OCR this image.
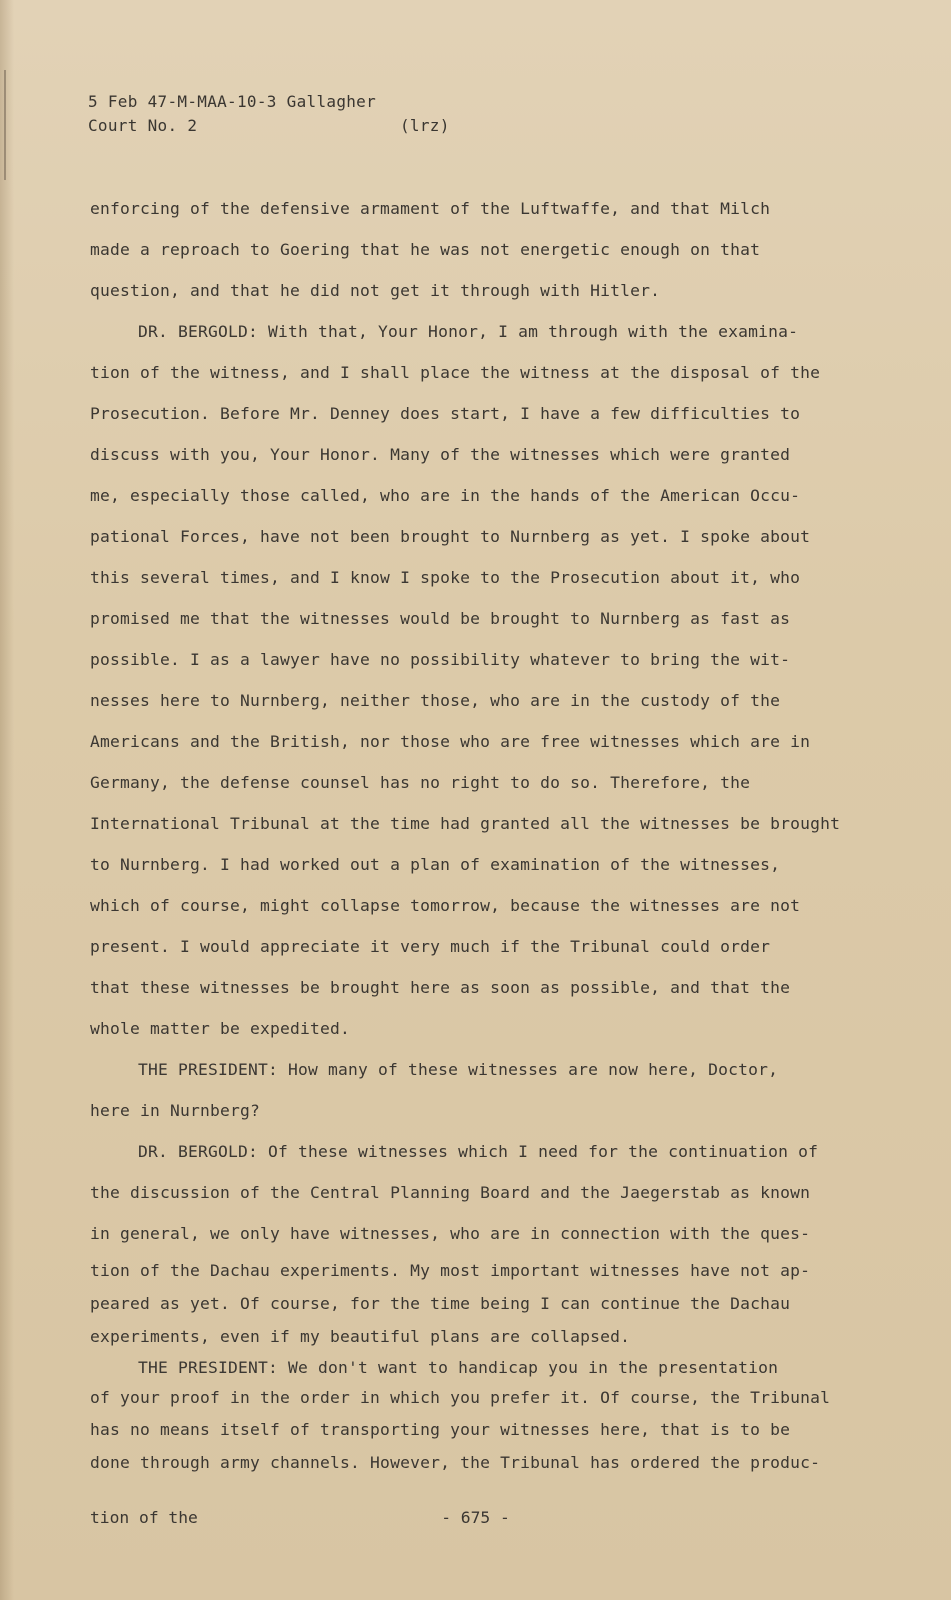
5 Feb 47-M-MAA-10-3 Gallagher
Court No. 2	(lrz)
enforcing of the defensive armament of the Luftwaffe, and that Milch
made a reproach to Goering that he was not energetic enough on that
question, and that he did not get it through with Hitler.
DR. BERGOLD: With that, Your Honor, I am through with the examina-
tion of the witness, and I shall place the witness at the disposal of the
Prosecution. Before Mr. Denney does start, I have a few difficulties to
discuss with you, Your Honor. Many of the witnesses which were granted
me, especially those called, who are in the hands of the American Occu-
pational Forces, have not been brought to Nurnberg as yet. I spoke about
this several times, and I know I spoke to the Prosecution about it, who
promised me that the witnesses would be brought to Nurnberg as fast as
possible. I as a lawyer have no possibility whatever to bring the wit-
nesses here to Nurnberg, neither those, who are in the custody of the
Americans and the British, nor those who are free witnesses which are in
Germany, the defense counsel has no right to do so. Therefore, the
International Tribunal at the time had granted all the witnesses be brought
to Nurnberg. I had worked out a plan of examination of the witnesses,
which of course, might collapse tomorrow, because the witnesses are not
present. I would appreciate it very much if the Tribunal could order
that these witnesses be brought here as soon as possible, and that the
whole matter be expedited.
THE PRESIDENT: How many of these witnesses are now here, Doctor,
here in Nurnberg?
DR. BERGOLD: Of these witnesses which I need for the continuation of
the discussion of the Central Planning Board and the Jaegerstab as known
in general, we only have witnesses, who are in connection with the ques-
tion of the Dachau experiments. My most important witnesses have not ap-
peared as yet. Of course, for the time being I can continue the Dachau
experiments, even if my beautiful plans are collapsed.
THE PRESIDENT: We don't want to handicap you in the presentation
of your proof in the order in which you prefer it. Of course, the Tribunal
has no means itself of transporting your witnesses here, that is to be
done through army channels. However, the Tribunal has ordered the produc-
tion of the	- 675 -
